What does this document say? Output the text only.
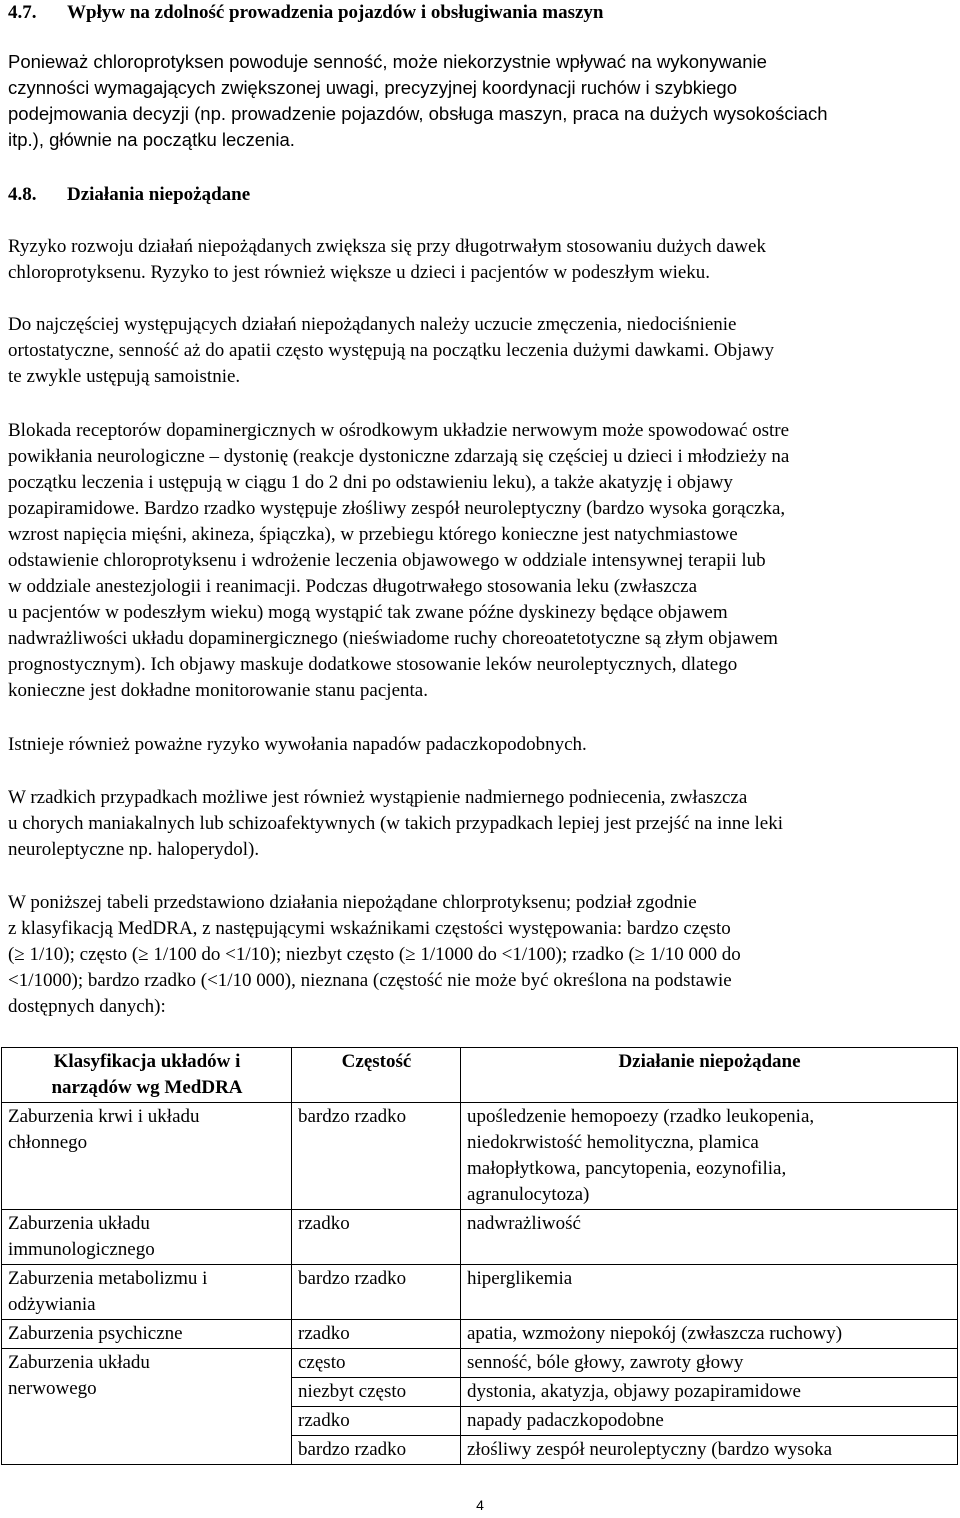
4.7. Wpływ na zdolność prowadzenia pojazdów i obsługiwania maszyn
Ponieważ chloroprotyksen powoduje senność, może niekorzystnie wpływać na wykonywanie
czynności wymagających zwiększonej uwagi, precyzyjnej koordynacji ruchów i szybkiego
podejmowania decyzji (np. prowadzenie pojazdów, obsługa maszyn, praca na dużych wysokościach
itp.), głównie na początku leczenia.
4.8. Działania niepożądane
Ryzyko rozwoju działań niepożądanych zwiększa się przy długotrwałym stosowaniu dużych dawek
chloroprotyksenu. Ryzyko to jest również większe u dzieci i pacjentów w podeszłym wieku.
Do najczęściej występujących działań niepożądanych należy uczucie zmęczenia, niedociśnienie
ortostatyczne, senność aż do apatii często występują na początku leczenia dużymi dawkami. Objawy
te zwykle ustępują samoistnie.
Blokada receptorów dopaminergicznych w ośrodkowym układzie nerwowym może spowodować ostre
powikłania neurologiczne – dystonię (reakcje dystoniczne zdarzają się częściej u dzieci i młodzieży na
początku leczenia i ustępują w ciągu 1 do 2 dni po odstawieniu leku), a także akatyzję i objawy
pozapiramidowe. Bardzo rzadko występuje złośliwy zespół neuroleptyczny (bardzo wysoka gorączka,
wzrost napięcia mięśni, akineza, śpiączka), w przebiegu którego konieczne jest natychmiastowe
odstawienie chloroprotyksenu i wdrożenie leczenia objawowego w oddziale intensywnej terapii lub
w oddziale anestezjologii i reanimacji. Podczas długotrwałego stosowania leku (zwłaszcza
u pacjentów w podeszłym wieku) mogą wystąpić tak zwane późne dyskinezy będące objawem
nadwrażliwości układu dopaminergicznego (nieświadome ruchy choreoatetotyczne są złym objawem
prognostycznym). Ich objawy maskuje dodatkowe stosowanie leków neuroleptycznych, dlatego
konieczne jest dokładne monitorowanie stanu pacjenta.
Istnieje również poważne ryzyko wywołania napadów padaczkopodobnych.
W rzadkich przypadkach możliwe jest również wystąpienie nadmiernego podniecenia, zwłaszcza
u chorych maniakalnych lub schizoafektywnych (w takich przypadkach lepiej jest przejść na inne leki
neuroleptyczne np. haloperydol).
W poniższej tabeli przedstawiono działania niepożądane chlorprotyksenu; podział zgodnie
z klasyfikacją MedDRA, z następującymi wskaźnikami częstości występowania: bardzo często
(≥ 1/10); często (≥ 1/100 do <1/10); niezbyt często (≥ 1/1000 do <1/100); rzadko (≥ 1/10 000 do
<1/1000); bardzo rzadko (<1/10 000), nieznana (częstość nie może być określona na podstawie
dostępnych danych):
Klasyfikacja układów i
narządów wg MedDRA	Częstość	Działanie niepożądane

Zaburzenia krwi i układu
chłonnego	bardzo rzadko	upośledzenie hemopoezy (rzadko leukopenia,
niedokrwistość hemolityczna, plamica
małopłytkowa, pancytopenia, eozynofilia,
agranulocytoza)

Zaburzenia układu
immunologicznego	rzadko	nadwrażliwość

Zaburzenia metabolizmu i
odżywiania	bardzo rzadko	hiperglikemia

Zaburzenia psychiczne	rzadko	apatia, wzmożony niepokój (zwłaszcza ruchowy)

Zaburzenia układu
nerwowego	często	senność, bóle głowy, zawroty głowy

	niezbyt często	dystonia, akatyzja, objawy pozapiramidowe

	rzadko	napady padaczkopodobne

	bardzo rzadko	złośliwy zespół neuroleptyczny (bardzo wysoka
4
